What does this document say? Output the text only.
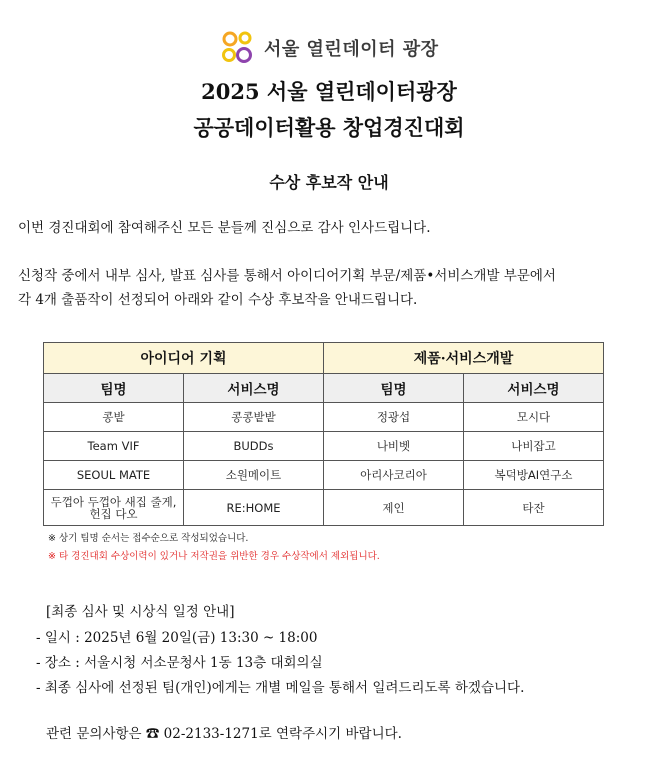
서울 열린데이터 광장
2025 서울 열린데이터광장
공공데이터활용 창업경진대회
수상 후보작 안내
이번 경진대회에 참여해주신 모든 분들께 진심으로 감사 인사드립니다.
신청작 중에서 내부 심사, 발표 심사를 통해서 아이디어기획 부문/제품•서비스개발 부문에서
각 4개 출품작이 선정되어 아래와 같이 수상 후보작을 안내드립니다.
아이디어 기획		제품·서비스개발	
팀명	서비스명	팀명	서비스명
콩밭	콩콩밭밭	정광섭	모시다
Team VIF	BUDDs	나비벳	나비잡고
SEOUL MATE	소원메이트	아리사코리아	복덕방AI연구소
두껍아 두껍아 새집 줄게, 헌집 다오	RE:HOME	제인	타잔
※ 상기 팀명 순서는 접수순으로 작성되었습니다.
※ 타 경진대회 수상이력이 있거나 저작권을 위반한 경우 수상작에서 제외됩니다.
[최종 심사 및 시상식 일정 안내]
- 일시 : 2025년 6월 20일(금) 13:30 ~ 18:00
- 장소 : 서울시청 서소문청사 1동 13층 대회의실
- 최종 심사에 선정된 팀(개인)에게는 개별 메일을 통해서 일려드리도록 하겠습니다.
관련 문의사항은 ☎ 02-2133-1271로 연락주시기 바랍니다.
